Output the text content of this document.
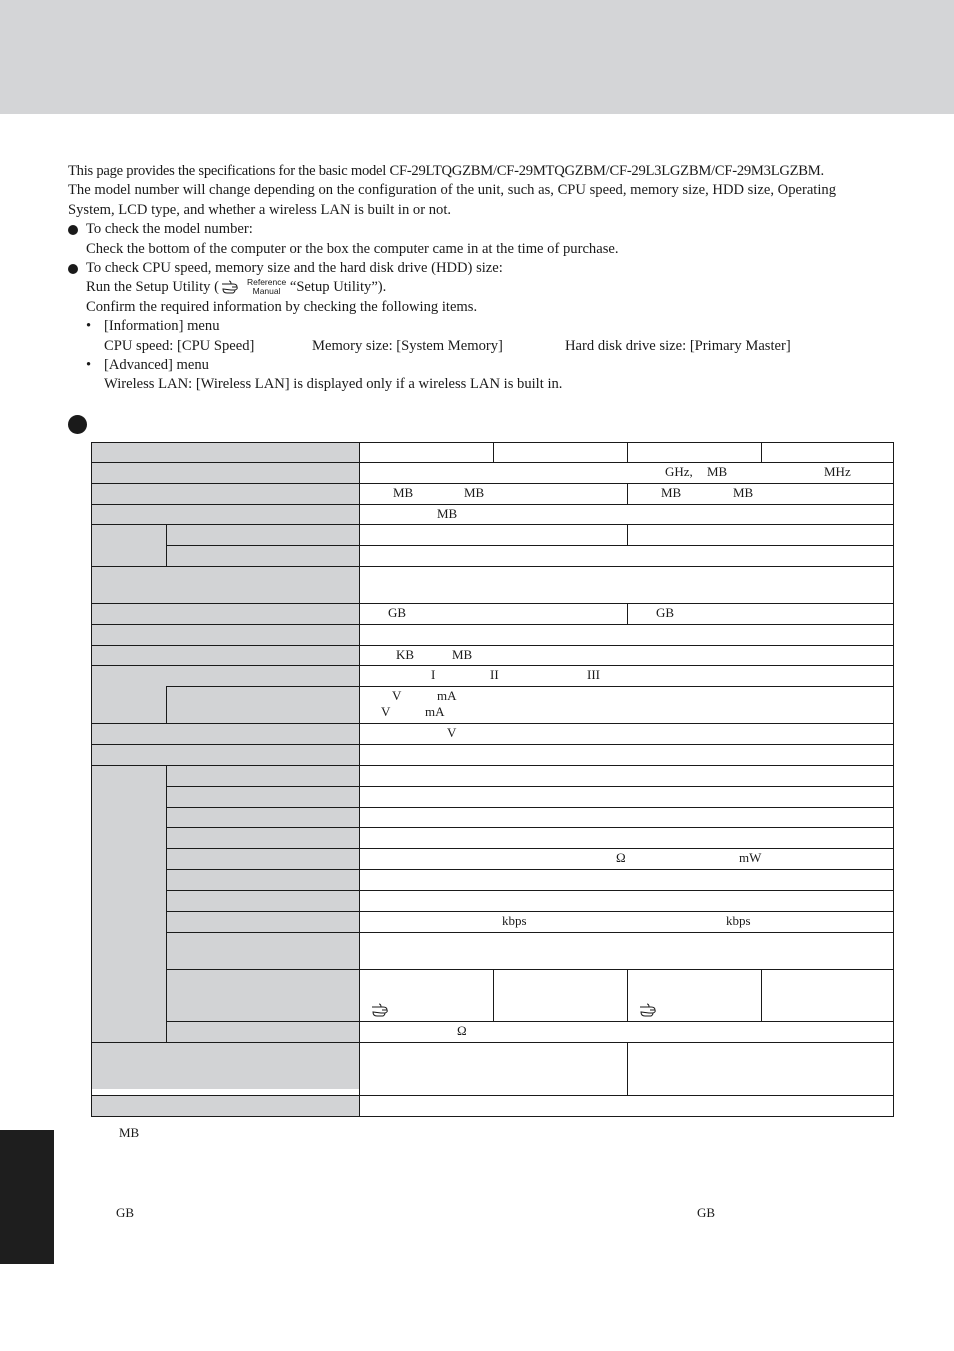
This page provides the specifications for the basic model CF-29LTQGZBM/CF-29MTQGZBM/CF-29L3LGZBM/CF-29M3LGZBM.

The model number will change depending on the configuration of the unit, such as, CPU speed, memory size, HDD size, Operating

System, LCD type, and whether a wireless LAN is built in or not.

To check the model number:

Check the bottom of the computer or the box the computer came in at the time of purchase.

To check CPU speed, memory size and the hard disk drive (HDD) size:

Run the Setup Utility (	Reference
Manual “Setup Utility”).

Confirm the required information by checking the following items.

• [Information] menu

CPU speed: [CPU Speed]	Memory size: [System Memory]	Hard disk drive size: [Primary Master]

• [Advanced] menu

Wireless LAN: [Wireless LAN] is displayed only if a wireless LAN is built in.

GHz, MB	MHz
MB	MB	MB	MB
MB
GB	GB
KB	MB
I	II	III
V	mA
V	mA
V
Ω	mW
kbps	kbps
Ω
MB
GB	GB
